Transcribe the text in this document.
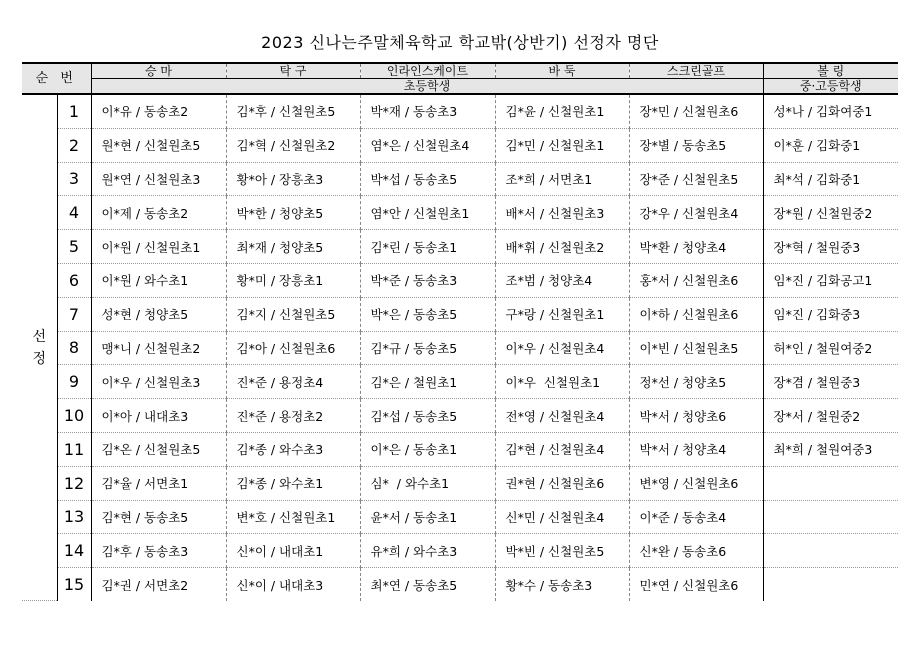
2023 신나는주말체육학교 학교밖(상반기) 선정자 명단
순 번		승 마	탁 구	인라인스케이트	바 둑	스크린골프	볼 링
		초등학생					중·고등학생
선
정	1	이*유 / 동송초2	김*후 / 신철원초5	박*재 / 동송초3	김*윤 / 신철원초1	장*민 / 신철원초6	성*나 / 김화여중1
	2	원*현 / 신철원초5	김*혁 / 신철원초2	염*은 / 신철원초4	김*민 / 신철원초1	장*별 / 동송초5	이*훈 / 김화중1
	3	원*연 / 신철원초3	황*아 / 장흥초3	박*섭 / 동송초5	조*희 / 서면초1	장*준 / 신철원초5	최*석 / 김화중1
	4	이*제 / 동송초2	박*한 / 청양초5	염*안 / 신철원초1	배*서 / 신철원초3	강*우 / 신철원초4	장*원 / 신철원중2
	5	이*원 / 신철원초1	최*재 / 청양초5	김*린 / 동송초1	배*휘 / 신철원초2	박*환 / 청양초4	장*혁 / 철원중3
	6	이*원 / 와수초1	황*미 / 장흥초1	박*준 / 동송초3	조*범 / 청양초4	홍*서 / 신철원초6	임*진 / 김화공고1
	7	성*현 / 청양초5	김*지 / 신철원초5	박*은 / 동송초5	구*랑 / 신철원초1	이*하 / 신철원초6	임*진 / 김화중3
	8	맹*니 / 신철원초2	김*아 / 신철원초6	김*규 / 동송초5	이*우 / 신철원초4	이*빈 / 신철원초5	허*인 / 철원여중2
	9	이*우 / 신철원초3	진*준 / 용정초4	김*은 / 철원초1	이*우  신철원초1	정*선 / 청양초5	장*겸 / 철원중3
	10	이*아 / 내대초3	진*준 / 용정초2	김*섭 / 동송초5	전*영 / 신철원초4	박*서 / 청양초6	장*서 / 철원중2
	11	김*온 / 신철원초5	김*종 / 와수초3	이*은 / 동송초1	김*현 / 신철원초4	박*서 / 청양초4	최*희 / 철원여중3
	12	김*율 / 서면초1	김*종 / 와수초1	심*  / 와수초1	권*현 / 신철원초6	변*영 / 신철원초6	
	13	김*현 / 동송초5	변*호 / 신철원초1	윤*서 / 동송초1	신*민 / 신철원초4	이*준 / 동송초4	
	14	김*후 / 동송초3	신*이 / 내대초1	유*희 / 와수초3	박*빈 / 신철원초5	신*완 / 동송초6	
	15	김*권 / 서면초2	신*이 / 내대초3	최*연 / 동송초5	황*수 / 동송초3	민*연 / 신철원초6	
